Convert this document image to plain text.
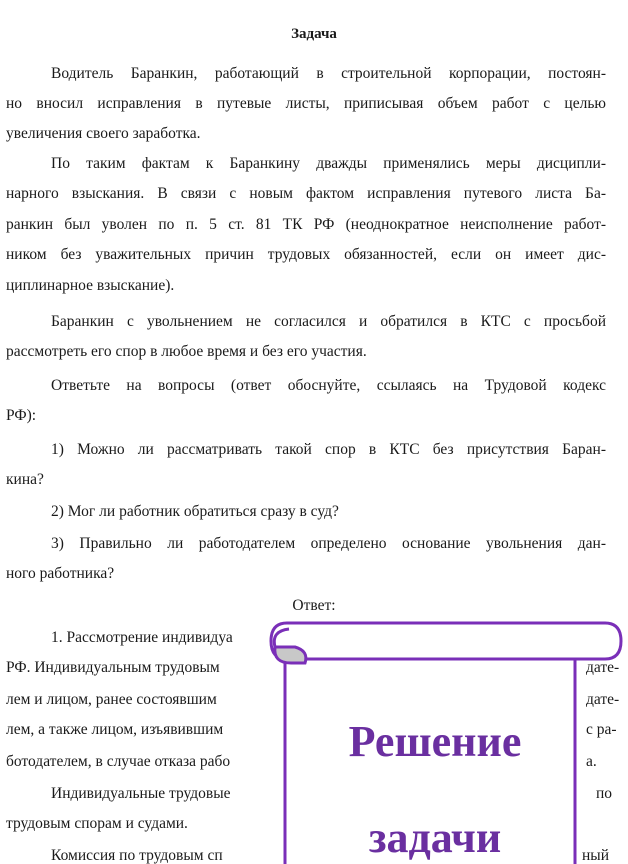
Задача
Водитель Баранкин, работающий в строительной корпорации, постоян-
но вносил исправления в путевые листы, приписывая объем работ с целью
увеличения своего заработка.
По таким фактам к Баранкину дважды применялись меры дисципли-
нарного взыскания. В связи с новым фактом исправления путевого листа Ба-
ранкин был уволен по п. 5 ст. 81 ТК РФ (неоднократное неисполнение работ-
ником без уважительных причин трудовых обязанностей, если он имеет дис-
циплинарное взыскание).
Баранкин с увольнением не согласился и обратился в КТС с просьбой
рассмотреть его спор в любое время и без его участия.
Ответьте на вопросы (ответ обоснуйте, ссылаясь на Трудовой кодекс
РФ):
1) Можно ли рассматривать такой спор в КТС без присутствия Баран-
кина?
2) Мог ли работник обратиться сразу в суд?
3) Правильно ли работодателем определено основание увольнения дан-
ного работника?
Ответ:
1. Рассмотрение индивидуа
РФ. Индивидуальным трудовым
лем и лицом, ранее состоявшим
лем, а также лицом, изъявившим
ботодателем, в случае отказа рабо
Индивидуальные трудовые
трудовым спорам и судами.
Комиссия по трудовым сп
дате-
дате-
с ра-
а.
по
ный
Решение
задачи
